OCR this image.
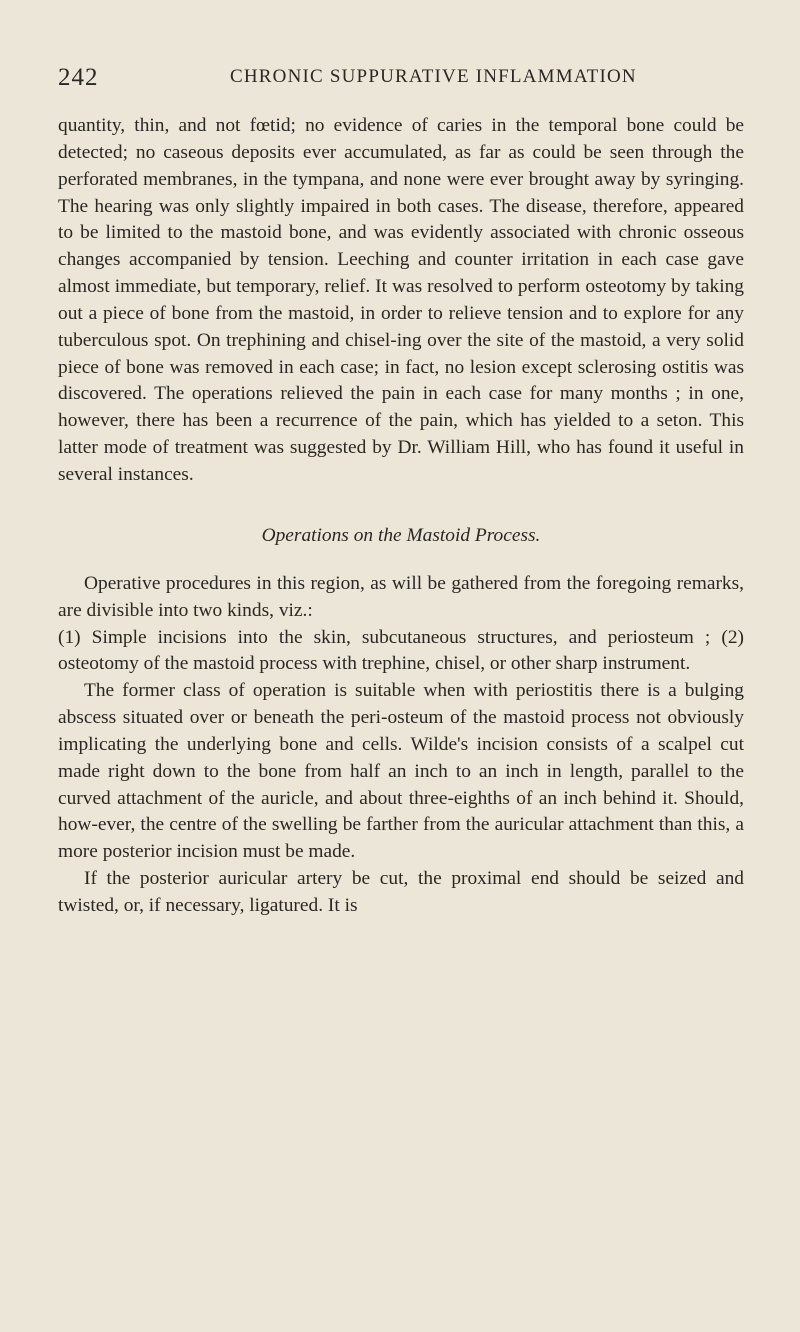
242	CHRONIC SUPPURATIVE INFLAMMATION

quantity, thin, and not fœtid; no evidence of caries in the temporal bone could be detected; no caseous deposits ever accumulated, as far as could be seen through the perforated membranes, in the tympana, and none were ever brought away by syringing. The hearing was only slightly impaired in both cases. The disease, therefore, appeared to be limited to the mastoid bone, and was evidently associated with chronic osseous changes accompanied by tension. Leeching and counter irritation in each case gave almost immediate, but temporary, relief. It was resolved to perform osteotomy by taking out a piece of bone from the mastoid, in order to relieve tension and to explore for any tuberculous spot. On trephining and chisel-ing over the site of the mastoid, a very solid piece of bone was removed in each case; in fact, no lesion except sclerosing ostitis was discovered. The operations relieved the pain in each case for many months ; in one, however, there has been a recurrence of the pain, which has yielded to a seton. This latter mode of treatment was suggested by Dr. William Hill, who has found it useful in several instances.

Operations on the Mastoid Process.

Operative procedures in this region, as will be gathered from the foregoing remarks, are divisible into two kinds, viz.:

(1) Simple incisions into the skin, subcutaneous structures, and periosteum ; (2) osteotomy of the mastoid process with trephine, chisel, or other sharp instrument.

The former class of operation is suitable when with periostitis there is a bulging abscess situated over or beneath the peri-osteum of the mastoid process not obviously implicating the underlying bone and cells. Wilde's incision consists of a scalpel cut made right down to the bone from half an inch to an inch in length, parallel to the curved attachment of the auricle, and about three-eighths of an inch behind it. Should, how-ever, the centre of the swelling be farther from the auricular attachment than this, a more posterior incision must be made.

If the posterior auricular artery be cut, the proximal end should be seized and twisted, or, if necessary, ligatured. It is
